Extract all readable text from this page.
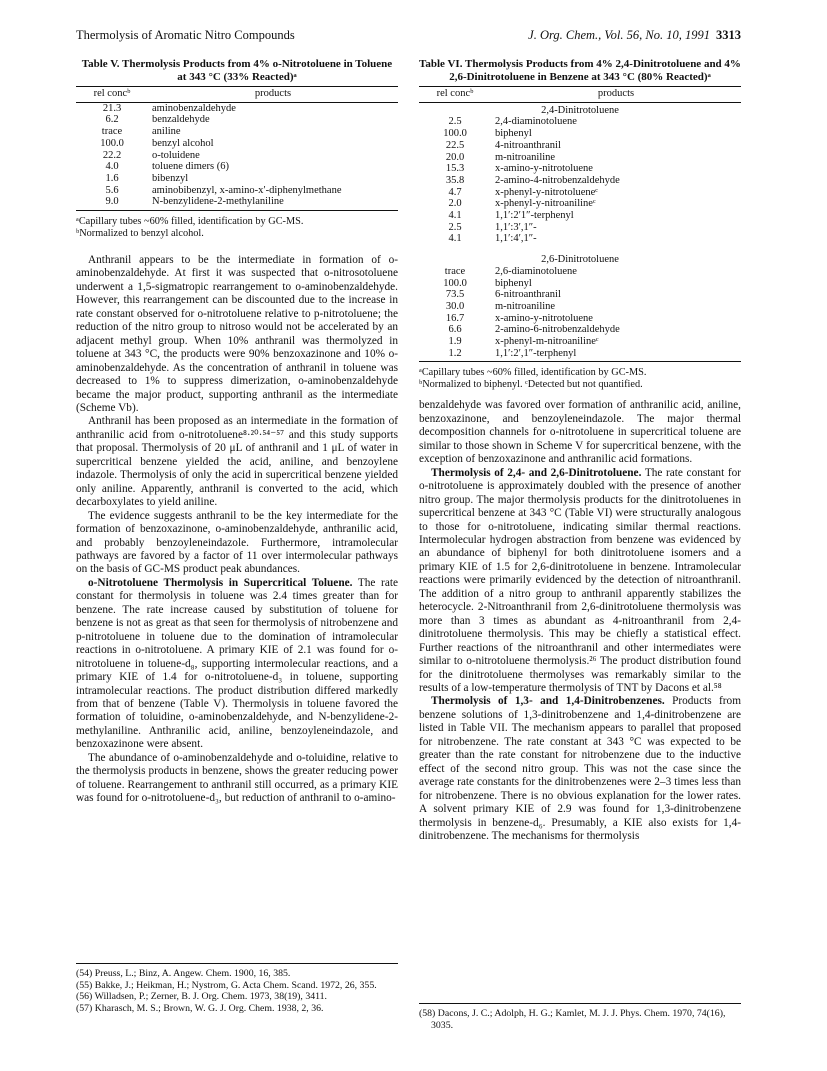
Thermolysis of Aromatic Nitro Compounds	J. Org. Chem., Vol. 56, No. 10, 1991 3313
Table V. Thermolysis Products from 4% o-Nitrotoluene in Toluene at 343 °C (33% Reacted)ᵃ
rel concᵇ	products
21.3	aminobenzaldehyde
6.2	benzaldehyde
trace	aniline
100.0	benzyl alcohol
22.2	o-toluidene
4.0	toluene dimers (6)
1.6	bibenzyl
5.6	aminobibenzyl, x-amino-x′-diphenylmethane
9.0	N-benzylidene-2-methylaniline
ᵃCapillary tubes ~60% filled, identification by GC-MS.
ᵇNormalized to benzyl alcohol.

Anthranil appears to be the intermediate in formation of o-aminobenzaldehyde. At first it was suspected that o-nitrosotoluene underwent a 1,5-sigmatropic rearrangement to o-aminobenzaldehyde. However, this rearrangement can be discounted due to the increase in rate constant observed for o-nitrotoluene relative to p-nitrotoluene; the reduction of the nitro group to nitroso would not be accelerated by an adjacent methyl group. When 10% anthranil was thermolyzed in toluene at 343 °C, the products were 90% benzoxazinone and 10% o-aminobenzaldehyde. As the concentration of anthranil in toluene was decreased to 1% to suppress dimerization, o-aminobenzaldehyde became the major product, supporting anthranil as the intermediate (Scheme Vb).

Anthranil has been proposed as an intermediate in the formation of anthranilic acid from o-nitrotoluene⁸·²⁰·⁵⁴⁻⁵⁷ and this study supports that proposal. Thermolysis of 20 μL of anthranil and 1 μL of water in supercritical benzene yielded the acid, aniline, and benzoylene indazole. Thermolysis of only the acid in supercritical benzene yielded only aniline. Apparently, anthranil is converted to the acid, which decarboxylates to yield aniline.

The evidence suggests anthranil to be the key intermediate for the formation of benzoxazinone, o-aminobenzaldehyde, anthranilic acid, and probably benzoyleneindazole. Furthermore, intramolecular pathways are favored by a factor of 11 over intermolecular pathways on the basis of GC-MS product peak abundances.

o-Nitrotoluene Thermolysis in Supercritical Toluene. The rate constant for thermolysis in toluene was 2.4 times greater than for benzene. The rate increase caused by substitution of toluene for benzene is not as great as that seen for thermolysis of nitrobenzene and p-nitrotoluene in toluene due to the domination of intramolecular reactions in o-nitrotoluene. A primary KIE of 2.1 was found for o-nitrotoluene in toluene-d₈, supporting intermolecular reactions, and a primary KIE of 1.4 for o-nitrotoluene-d₃ in toluene, supporting intramolecular reactions. The product distribution differed markedly from that of benzene (Table V). Thermolysis in toluene favored the formation of toluidine, o-aminobenzaldehyde, and N-benzylidene-2-methylaniline. Anthranilic acid, aniline, benzoyleneindazole, and benzoxazinone were absent.

The abundance of o-aminobenzaldehyde and o-toluidine, relative to the thermolysis products in benzene, shows the greater reducing power of toluene. Rearrangement to anthranil still occurred, as a primary KIE was found for o-nitrotoluene-d₃, but reduction of anthranil to o-amino-

Table VI. Thermolysis Products from 4% 2,4-Dinitrotoluene and 4% 2,6-Dinitrotoluene in Benzene at 343 °C (80% Reacted)ᵃ
rel concᵇ	products
2,4-Dinitrotoluene	
2.5	2,4-diaminotoluene
100.0	biphenyl
22.5	4-nitroanthranil
20.0	m-nitroaniline
15.3	x-amino-y-nitrotoluene
35.8	2-amino-4-nitrobenzaldehyde
4.7	x-phenyl-y-nitrotolueneᶜ
2.0	x-phenyl-y-nitroanilineᶜ
4.1	1,1′:2′1″-terphenyl
2.5	1,1′:3′,1″-
4.1	1,1′:4′,1″-

2,6-Dinitrotoluene	
trace	2,6-diaminotoluene
100.0	biphenyl
73.5	6-nitroanthranil
30.0	m-nitroaniline
16.7	x-amino-y-nitrotoluene
6.6	2-amino-6-nitrobenzaldehyde
1.9	x-phenyl-m-nitroanilineᶜ
1.2	1,1′:2′,1″-terphenyl
ᵃCapillary tubes ~60% filled, identification by GC-MS.
ᵇNormalized to biphenyl. ᶜDetected but not quantified.

benzaldehyde was favored over formation of anthranilic acid, aniline, benzoxazinone, and benzoyleneindazole. The major thermal decomposition channels for o-nitrotoluene in supercritical toluene are similar to those shown in Scheme V for supercritical benzene, with the exception of benzoxazinone and anthranilic acid formations.

Thermolysis of 2,4- and 2,6-Dinitrotoluene. The rate constant for o-nitrotoluene is approximately doubled with the presence of another nitro group. The major thermolysis products for the dinitrotoluenes in supercritical benzene at 343 °C (Table VI) were structurally analogous to those for o-nitrotoluene, indicating similar thermal reactions. Intermolecular hydrogen abstraction from benzene was evidenced by an abundance of biphenyl for both dinitrotoluene isomers and a primary KIE of 1.5 for 2,6-dinitrotoluene in benzene. Intramolecular reactions were primarily evidenced by the detection of nitroanthranil. The addition of a nitro group to anthranil apparently stabilizes the heterocycle. 2-Nitroanthranil from 2,6-dinitrotoluene thermolysis was more than 3 times as abundant as 4-nitroanthranil from 2,4-dinitrotoluene thermolysis. This may be chiefly a statistical effect. Further reactions of the nitroanthranil and other intermediates were similar to o-nitrotoluene thermolysis.²⁶ The product distribution found for the dinitrotoluene thermolyses was remarkably similar to the results of a low-temperature thermolysis of TNT by Dacons et al.⁵⁸

Thermolysis of 1,3- and 1,4-Dinitrobenzenes. Products from benzene solutions of 1,3-dinitrobenzene and 1,4-dinitrobenzene are listed in Table VII. The mechanism appears to parallel that proposed for nitrobenzene. The rate constant at 343 °C was expected to be greater than the rate constant for nitrobenzene due to the inductive effect of the second nitro group. This was not the case since the average rate constants for the dinitrobenzenes were 2–3 times less than for nitrobenzene. There is no obvious explanation for the lower rates. A solvent primary KIE of 2.9 was found for 1,3-dinitrobenzene thermolysis in benzene-d₆. Presumably, a KIE also exists for 1,4-dinitrobenzene. The mechanisms for thermolysis

(54) Preuss, L.; Binz, A. Angew. Chem. 1900, 16, 385.

(55) Bakke, J.; Heikman, H.; Nystrom, G. Acta Chem. Scand. 1972, 26, 355.

(56) Willadsen, P.; Zerner, B. J. Org. Chem. 1973, 38(19), 3411.

(57) Kharasch, M. S.; Brown, W. G. J. Org. Chem. 1938, 2, 36.	(58) Dacons, J. C.; Adolph, H. G.; Kamlet, M. J. J. Phys. Chem. 1970, 74(16), 3035.
